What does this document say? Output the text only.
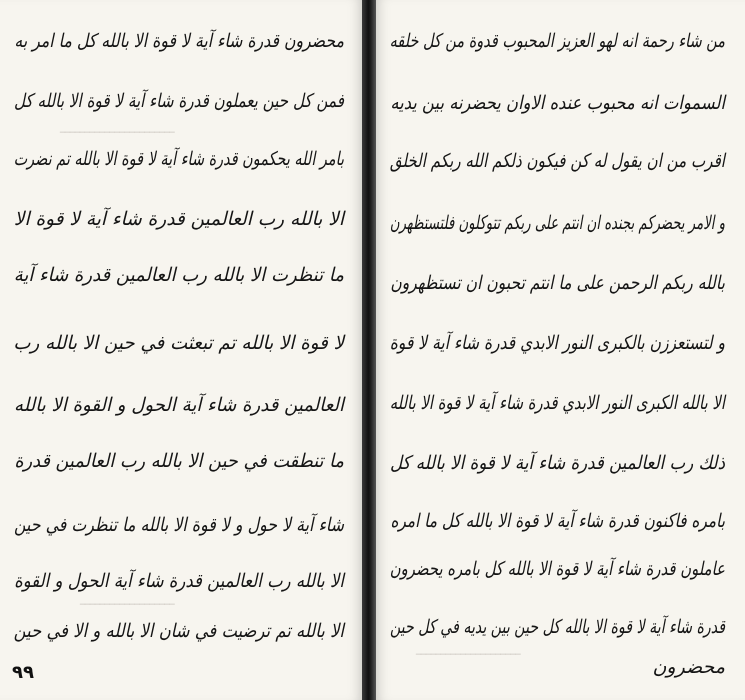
ـــــــــــــــــــــــ
ـــــــــــــــــــ
محضرون قدرة شاء آية لا قوة الا بالله كل ما امر به
فمن كل حين يعملون قدرة شاء آية لا قوة الا بالله كل
بامر الله يحكمون قدرة شاء آية لا قوة الا بالله تم نضرت
الا بالله رب العالمين قدرة شاء آية لا قوة الا
ما تنظرت الا بالله رب العالمين قدرة شاء آية
لا قوة الا بالله تم تبعثت في حين الا بالله رب
العالمين قدرة شاء آية الحول و القوة الا بالله
ما تنطقت في حين الا بالله رب العالمين قدرة
شاء آية لا حول و لا قوة الا بالله ما تنظرت في حين
الا بالله رب العالمين قدرة شاء آية الحول و القوة
الا بالله تم ترضيت في شان الا بالله و الا في حين
٩٩
ـــــــــــــــــــــ
من شاء رحمة انه لهو العزيز المحبوب قدوة من كل خلقه
السموات انه محبوب عنده الاوان يحضرنه بين يديه
اقرب من ان يقول له كن فيكون ذلكم الله ربكم الخلق
و الامر يحضركم بجنده ان انتم على ربكم تتوكلون فلتستظهرن
بالله ربكم الرحمن على ما انتم تحبون ان تستظهرون
و لتستعززن بالكبرى النور الابدي قدرة شاء آية لا قوة
الا بالله الكبرى النور الابدي قدرة شاء آية لا قوة الا بالله
ذلك رب العالمين قدرة شاء آية لا قوة الا بالله كل
بامره فاكنون قدرة شاء آية لا قوة الا بالله كل ما امره
عاملون قدرة شاء آية لا قوة الا بالله كل بامره يحضرون
قدرة شاء آية لا قوة الا بالله كل حين بين يديه في كل حين
محضرون
